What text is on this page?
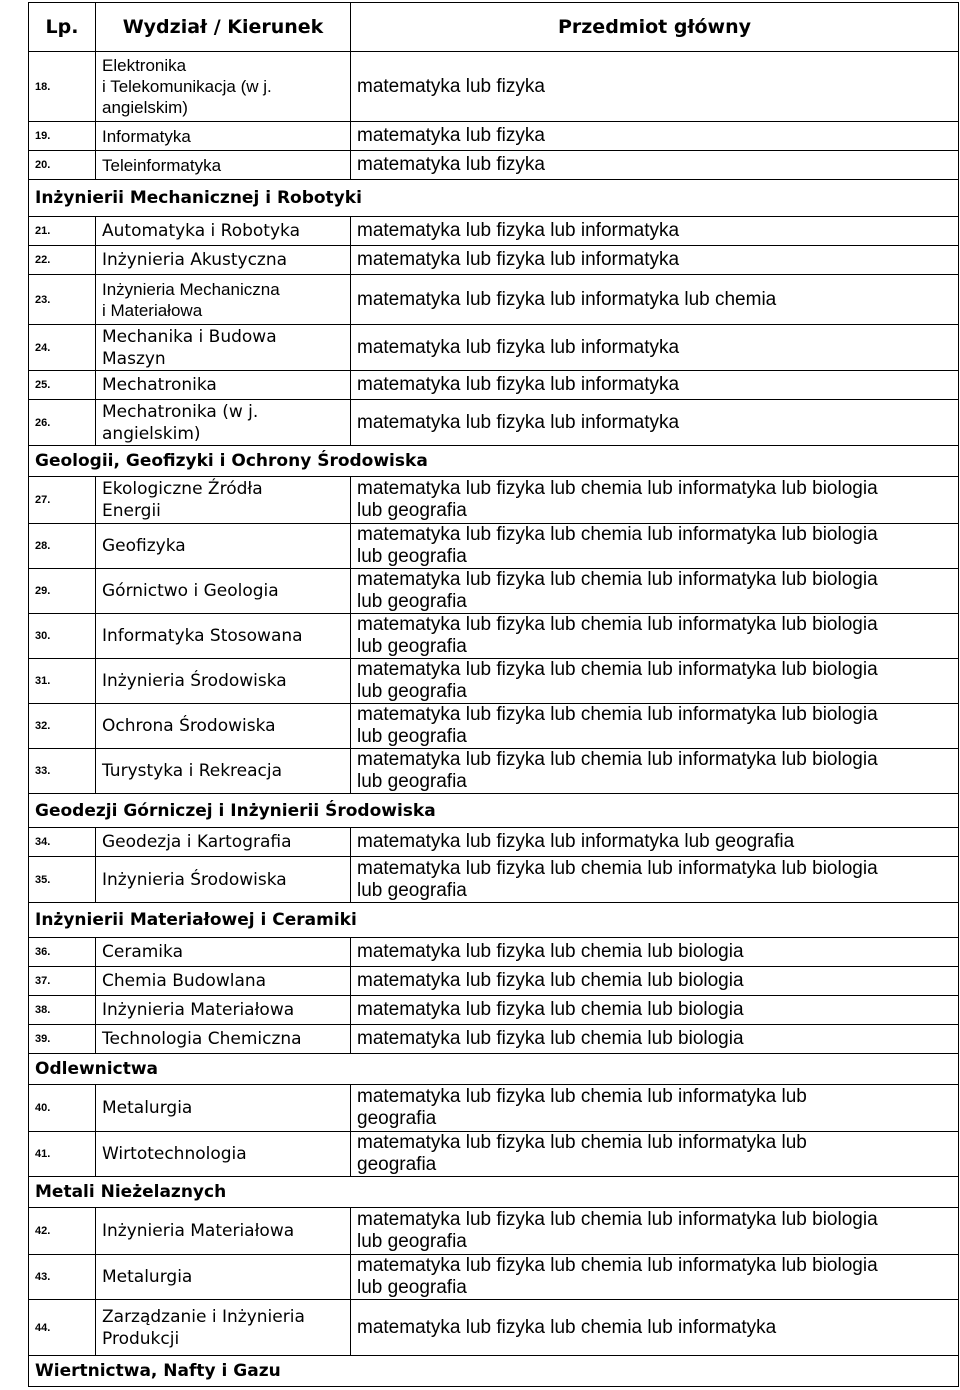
Lp.	Wydział / Kierunek	Przedmiot główny
18.	Elektronika
i Telekomunikacja (w j.
angielskim)	matematyka lub fizyka
19.	Informatyka	matematyka lub fizyka
20.	Teleinformatyka	matematyka lub fizyka
Inżynierii Mechanicznej i Robotyki		
21.	Automatyka i Robotyka	matematyka lub fizyka lub informatyka
22.	Inżynieria Akustyczna	matematyka lub fizyka lub informatyka
23.	Inżynieria Mechaniczna
i Materiałowa	matematyka lub fizyka lub informatyka lub chemia
24.	Mechanika i Budowa
Maszyn	matematyka lub fizyka lub informatyka
25.	Mechatronika	matematyka lub fizyka lub informatyka
26.	Mechatronika (w j.
angielskim)	matematyka lub fizyka lub informatyka
Geologii, Geofizyki i Ochrony Środowiska		
27.	Ekologiczne Źródła
Energii	matematyka lub fizyka lub chemia lub informatyka lub biologia
lub geografia
28.	Geofizyka	matematyka lub fizyka lub chemia lub informatyka lub biologia
lub geografia
29.	Górnictwo i Geologia	matematyka lub fizyka lub chemia lub informatyka lub biologia
lub geografia
30.	Informatyka Stosowana	matematyka lub fizyka lub chemia lub informatyka lub biologia
lub geografia
31.	Inżynieria Środowiska	matematyka lub fizyka lub chemia lub informatyka lub biologia
lub geografia
32.	Ochrona Środowiska	matematyka lub fizyka lub chemia lub informatyka lub biologia
lub geografia
33.	Turystyka i Rekreacja	matematyka lub fizyka lub chemia lub informatyka lub biologia
lub geografia
Geodezji Górniczej i Inżynierii Środowiska		
34.	Geodezja i Kartografia	matematyka lub fizyka lub informatyka lub geografia
35.	Inżynieria Środowiska	matematyka lub fizyka lub chemia lub informatyka lub biologia
lub geografia
Inżynierii Materiałowej i Ceramiki		
36.	Ceramika	matematyka lub fizyka lub chemia lub biologia
37.	Chemia Budowlana	matematyka lub fizyka lub chemia lub biologia
38.	Inżynieria Materiałowa	matematyka lub fizyka lub chemia lub biologia
39.	Technologia Chemiczna	matematyka lub fizyka lub chemia lub biologia
Odlewnictwa		
40.	Metalurgia	matematyka lub fizyka lub chemia lub informatyka lub
geografia
41.	Wirtotechnologia	matematyka lub fizyka lub chemia lub informatyka lub
geografia
Metali Nieżelaznych		
42.	Inżynieria Materiałowa	matematyka lub fizyka lub chemia lub informatyka lub biologia
lub geografia
43.	Metalurgia	matematyka lub fizyka lub chemia lub informatyka lub biologia
lub geografia
44.	Zarządzanie i Inżynieria
Produkcji	matematyka lub fizyka lub chemia lub informatyka
Wiertnictwa, Nafty i Gazu		
